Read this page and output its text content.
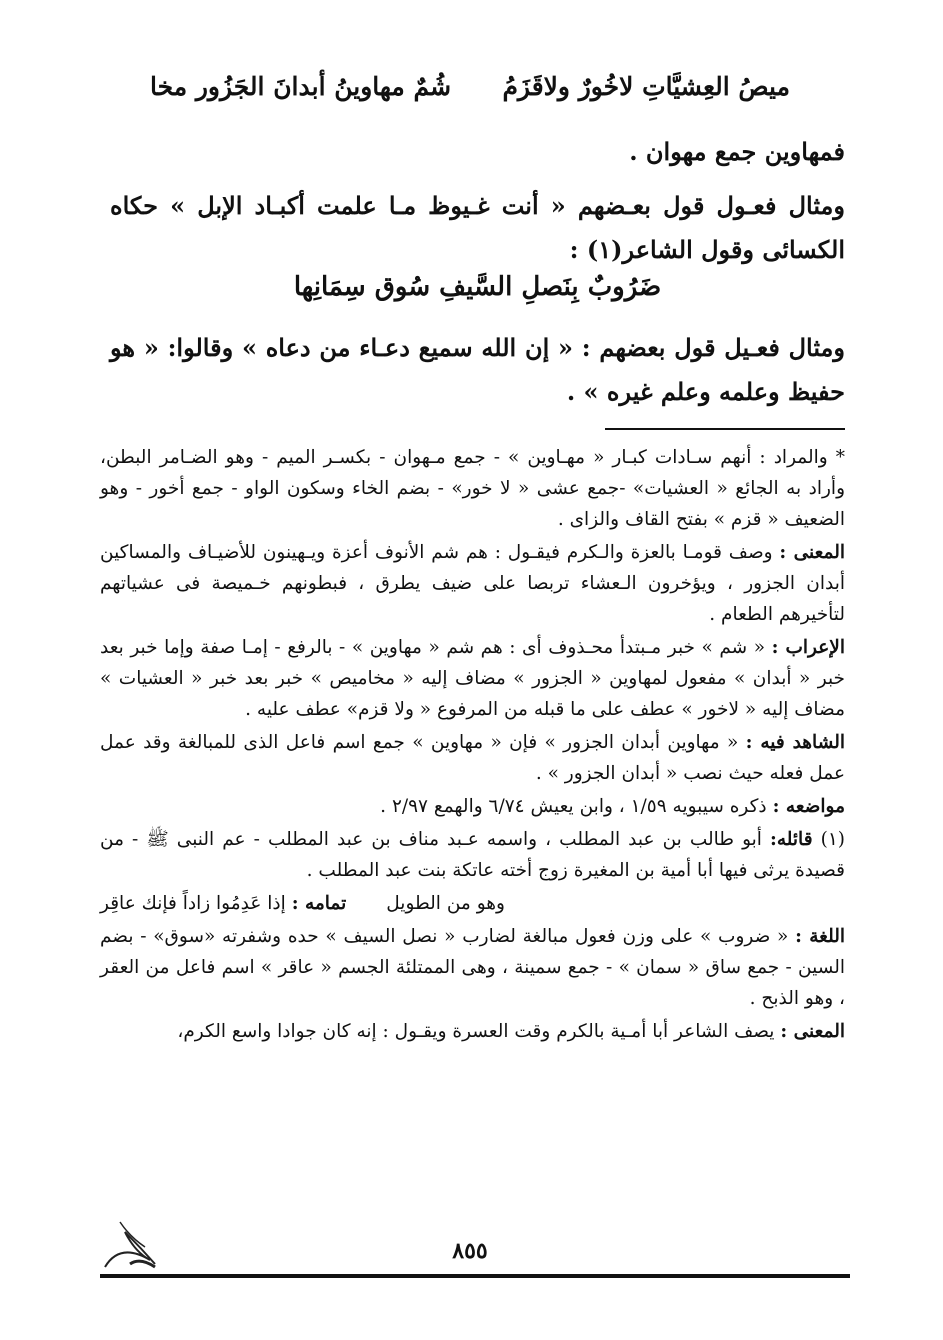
شُمٌ مهاوينُ أبدانَ الجَزُور مخا ميصُ العِشيَّاتِ لاخُورٌ ولاقَزَمُ
فمهاوين جمع مهوان .
ومثال فعـول قول بعـضهم « أنت غـيوظ مـا علمت أكبـاد الإبل » حكاه الكسائى وقول الشاعر(١) :
ضَرُوبٌ بِنَصلِ السَّيفِ سُوق سِمَانِها
ومثال فعـيل قول بعضهم : « إن الله سميع دعـاء من دعاه » وقالوا: « هو حفيظ وعلمه وعلم غيره » .

* والمراد : أنهم سـادات كبـار « مهـاوين » - جمع مـهوان - بكسـر الميم - وهو الضـامر البطن، وأراد به الجائع « العشيات» -جمع عشى « لا خور» - بضم الخاء وسكون الواو - جمع أخور - وهو الضعيف « قزم » بفتح القاف والزاى .

المعنى : وصف قومـا بالعزة والـكرم فيقـول : هم شم الأنوف أعزة ويـهينون للأضيـاف والمساكين أبدان الجزور ، ويؤخرون الـعشاء تربصا على ضيف يطرق ، فبطونهم خـميصة فى عشياتهم لتأخيرهم الطعام .

الإعراب : « شم » خبر مـبتدأ محـذوف أى : هم شم « مهاوين » - بالرفع - إمـا صفة وإما خبر بعد خبر « أبدان » مفعول لمهاوين « الجزور » مضاف إليه « مخاميص » خبر بعد خبر « العشيات » مضاف إليه « لاخور » عطف على ما قبله من المرفوع « ولا قزم» عطف عليه .

الشاهد فيه : « مهاوين أبدان الجزور » فإن « مهاوين » جمع اسم فاعل الذى للمبالغة وقد عمل عمل فعله حيث نصب « أبدان الجزور » .

مواضعه : ذكره سيبويه ١/٥٩ ، وابن يعيش ٦/٧٤ والهمع ٢/٩٧ .

(١) قائله: أبو طالب بن عبد المطلب ، واسمه عـبد مناف بن عبد المطلب - عم النبى ﷺ - من قصيدة يرثى فيها أبا أمية بن المغيرة زوج أخته عاتكة بنت عبد المطلب .

تمامه : إذا عَدِمُوا زاداً فإنك عاقِر	وهو من الطويل

اللغة : « ضروب » على وزن فعول مبالغة لضارب « نصل السيف » حده وشفرته «سوق» - بضم السين - جمع ساق « سمان » - جمع سمينة ، وهى الممتلئة الجسم « عاقر » اسم فاعل من العقر ، وهو الذبح .

المعنى : يصف الشاعر أبا أمـية بالكرم وقت العسرة ويقـول : إنه كان جوادا واسع الكرم،

٨٥٥
